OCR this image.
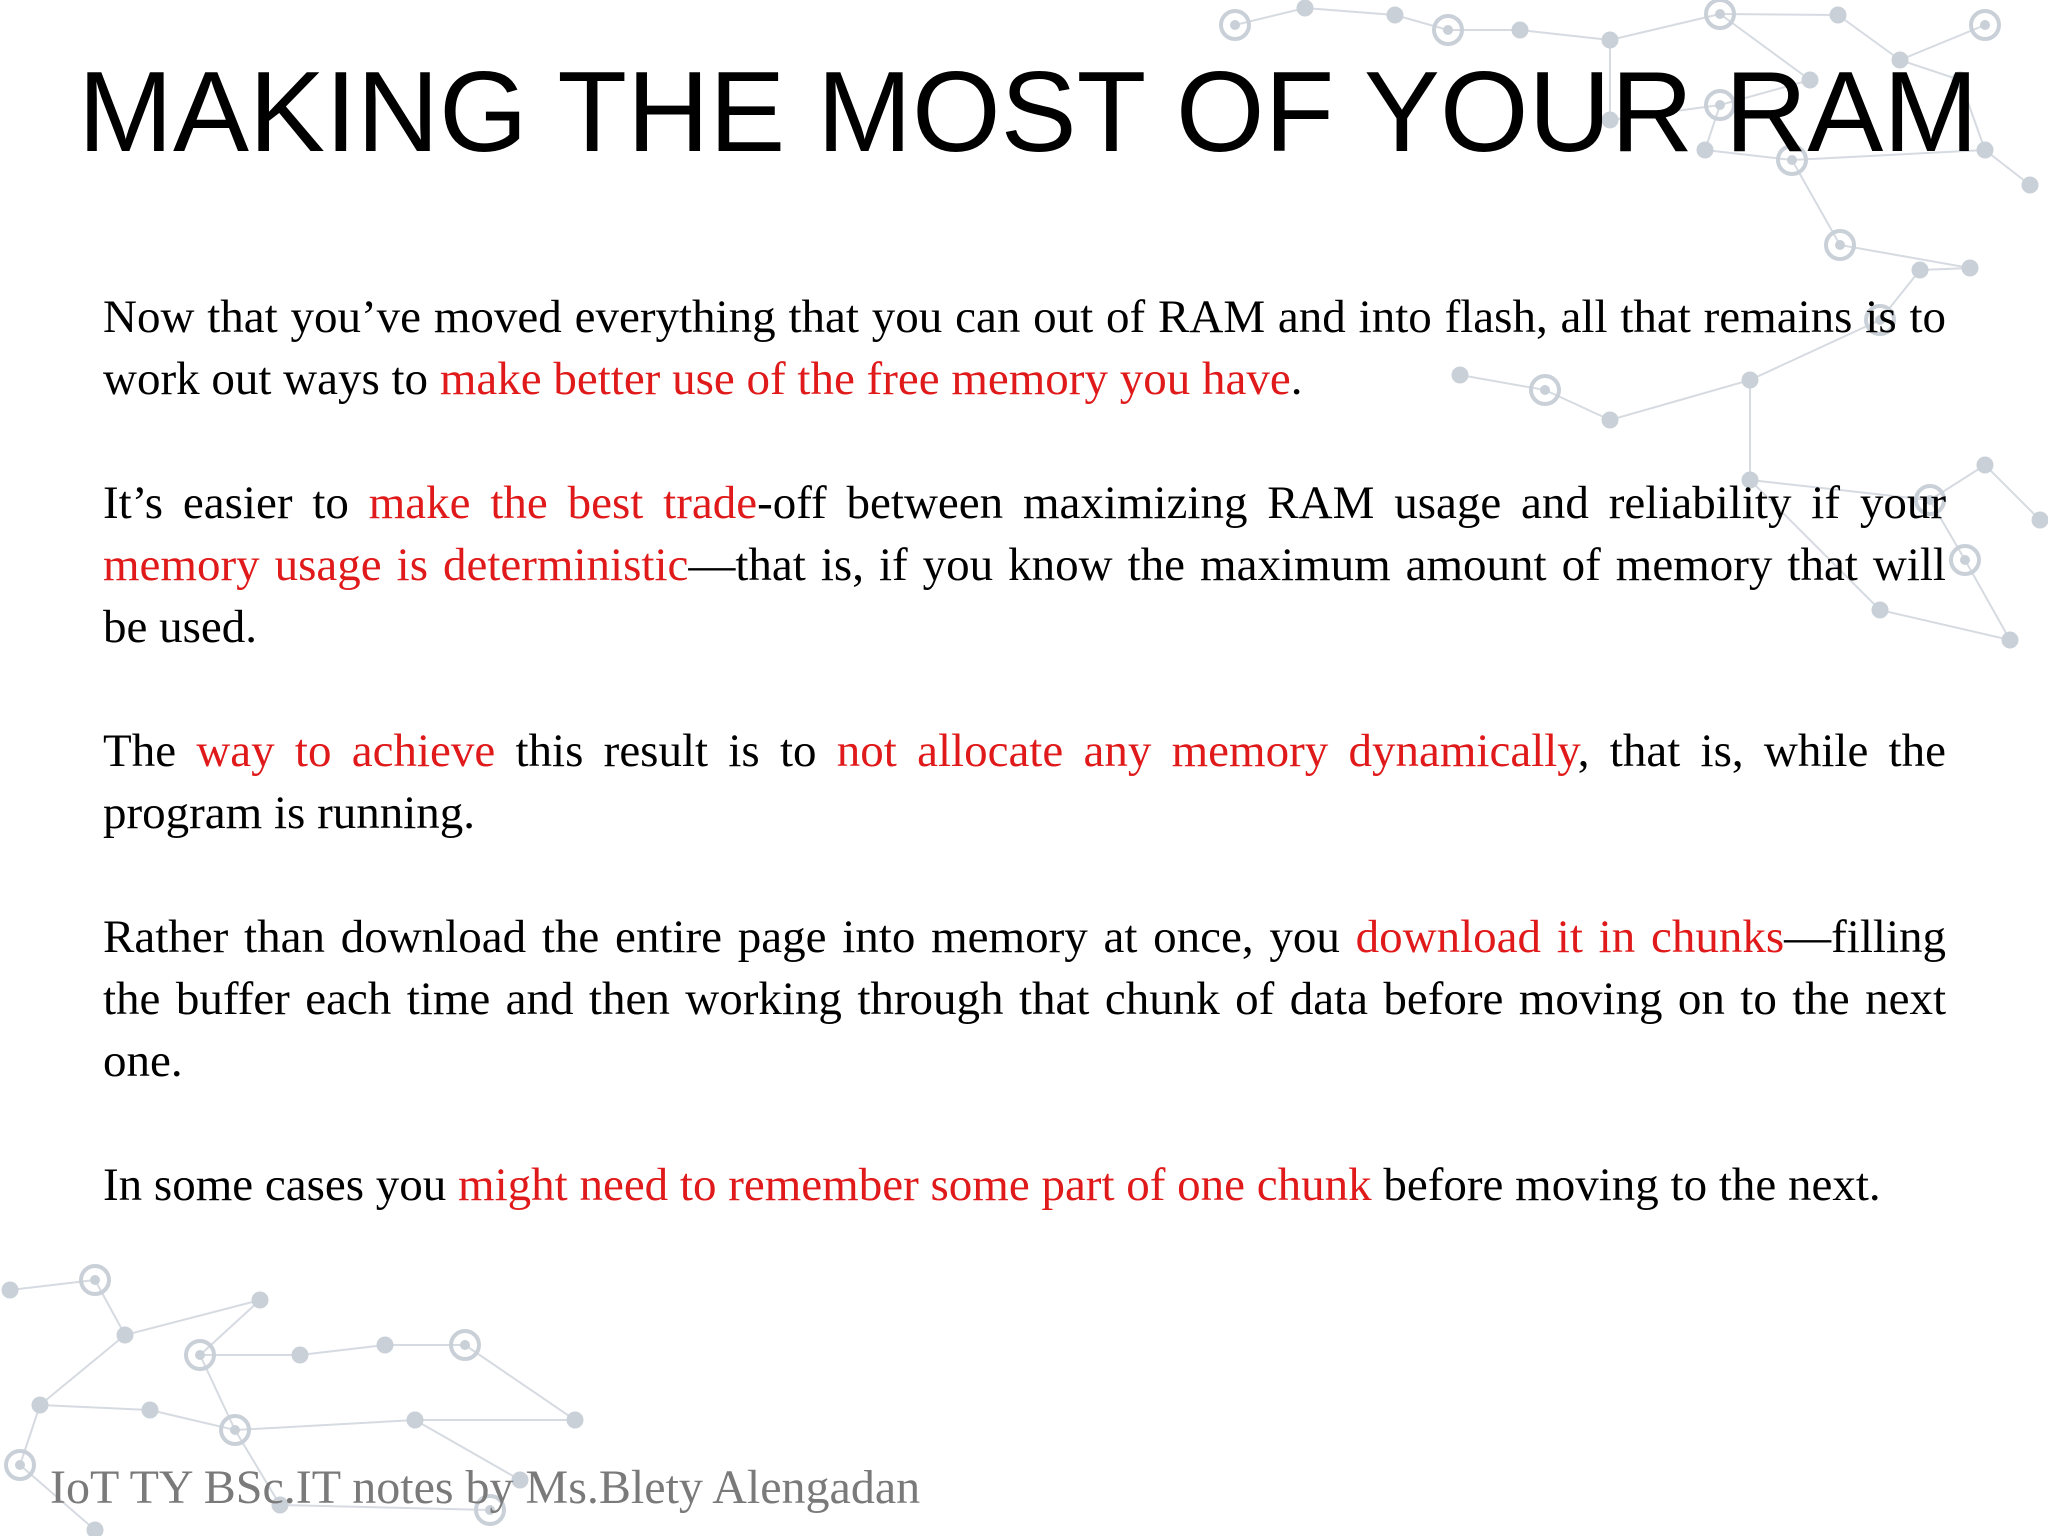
MAKING THE MOST OF YOUR RAM

Now that you’ve moved everything that you can out of RAM and into flash, all that remains is to work out ways to make better use of the free memory you have.

It’s easier to make the best trade-off between maximizing RAM usage and reliability if your memory usage is deterministic—that is, if you know the maximum amount of memory that will be used.

The way to achieve this result is to not allocate any memory dynamically, that is, while the program is running.

Rather than download the entire page into memory at once, you download it in chunks—filling the buffer each time and then working through that chunk of data before moving on to the next one.

In some cases you might need to remember some part of one chunk before moving to the next.

IoT TY BSc.IT notes by Ms.Blety Alengadan
